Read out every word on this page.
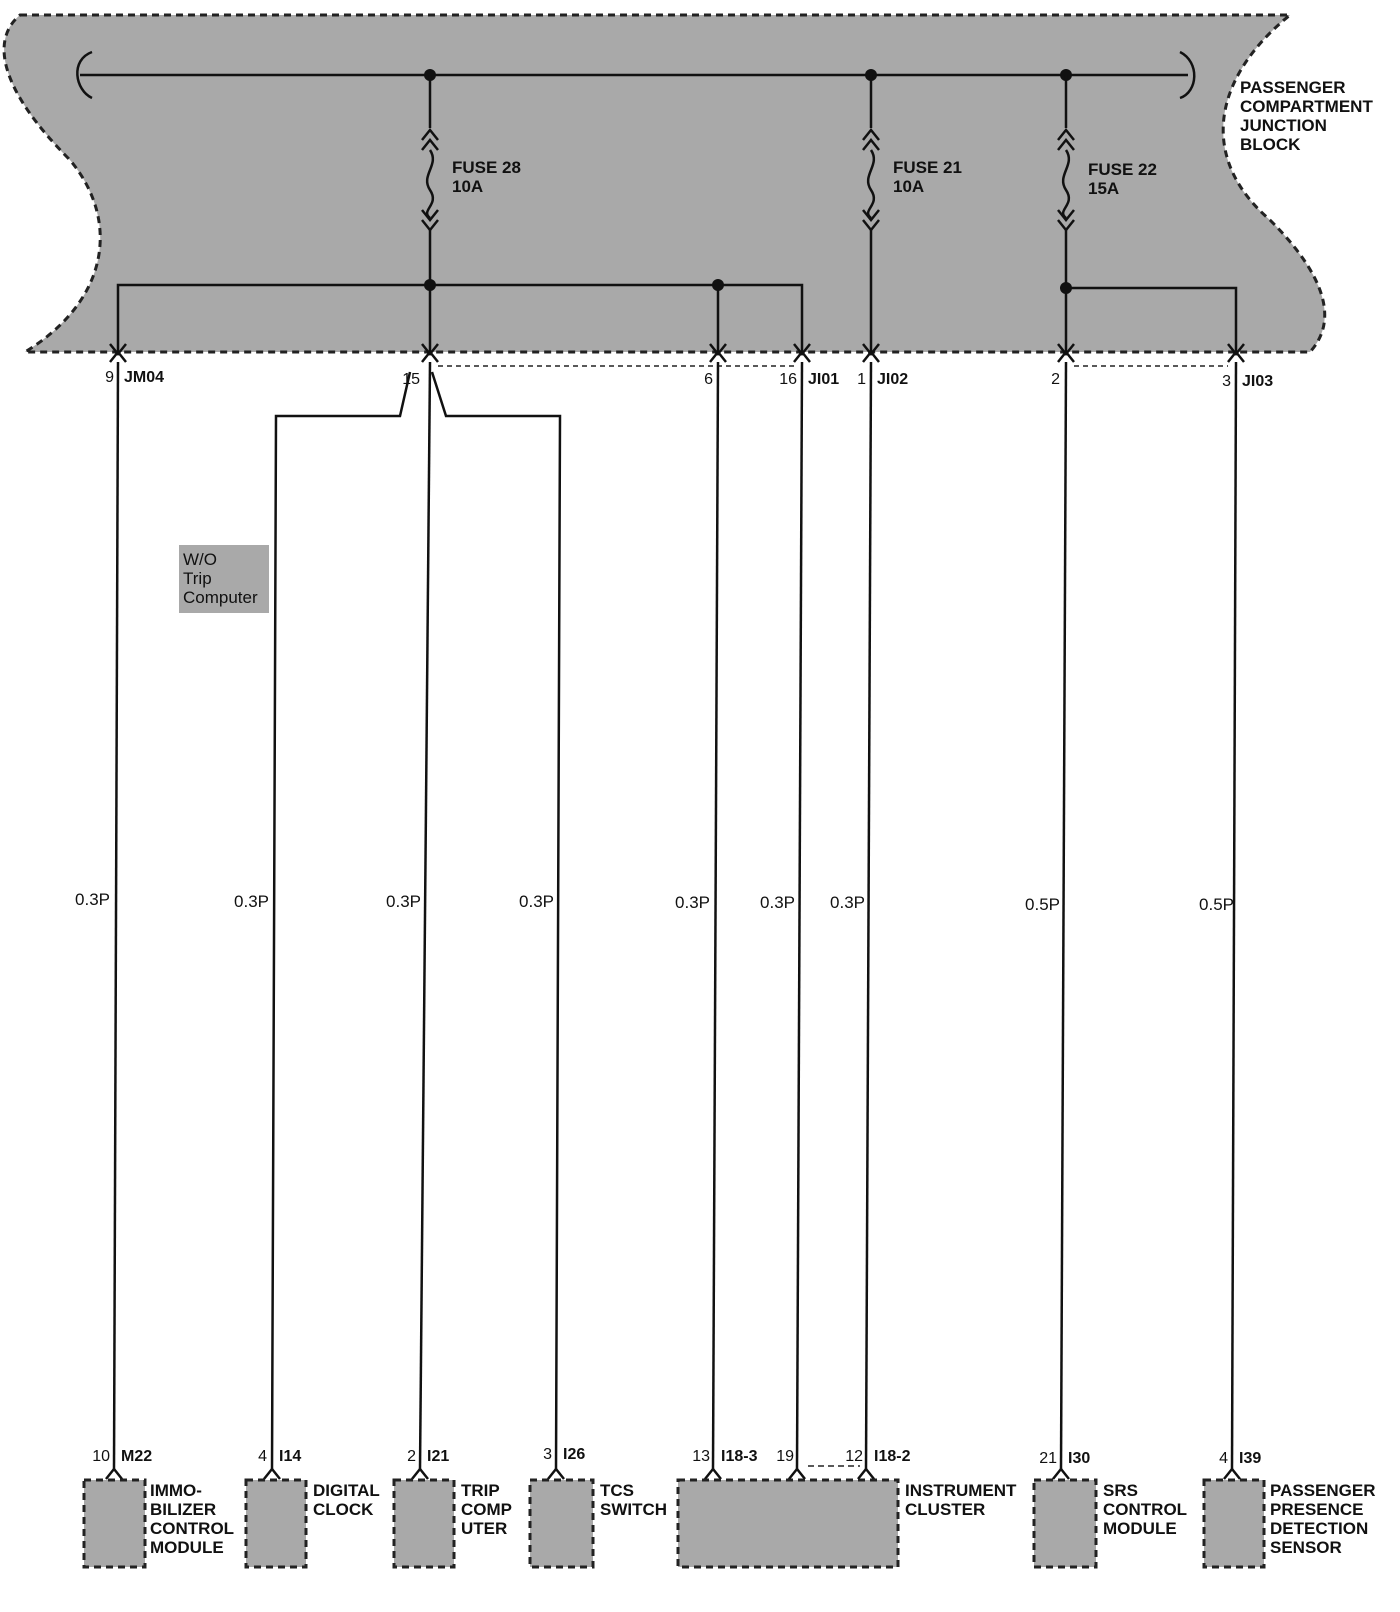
PASSENGER COMPARTMENT JUNCTION BLOCK
FUSE 28 10A
FUSE 21 10A
FUSE 22 15A
9 JM04	15	6	16 JI01 1 JI02	2	3 JI03
0.3P	0.3P	0.3P	0.3P	0.3P	0.3P 0.3P	0.5P	0.5P
W/O Trip Computer
10 M22	4 I14	2 I21	3 I26	13 I18-3 19	12 I18-2	21 I30	4 I39
IMMO- BILIZER CONTROL MODULE
DIGITAL CLOCK
TRIP COMP UTER
TCS SWITCH
INSTRUMENT CLUSTER
SRS CONTROL MODULE
PASSENGER PRESENCE DETECTION SENSOR
